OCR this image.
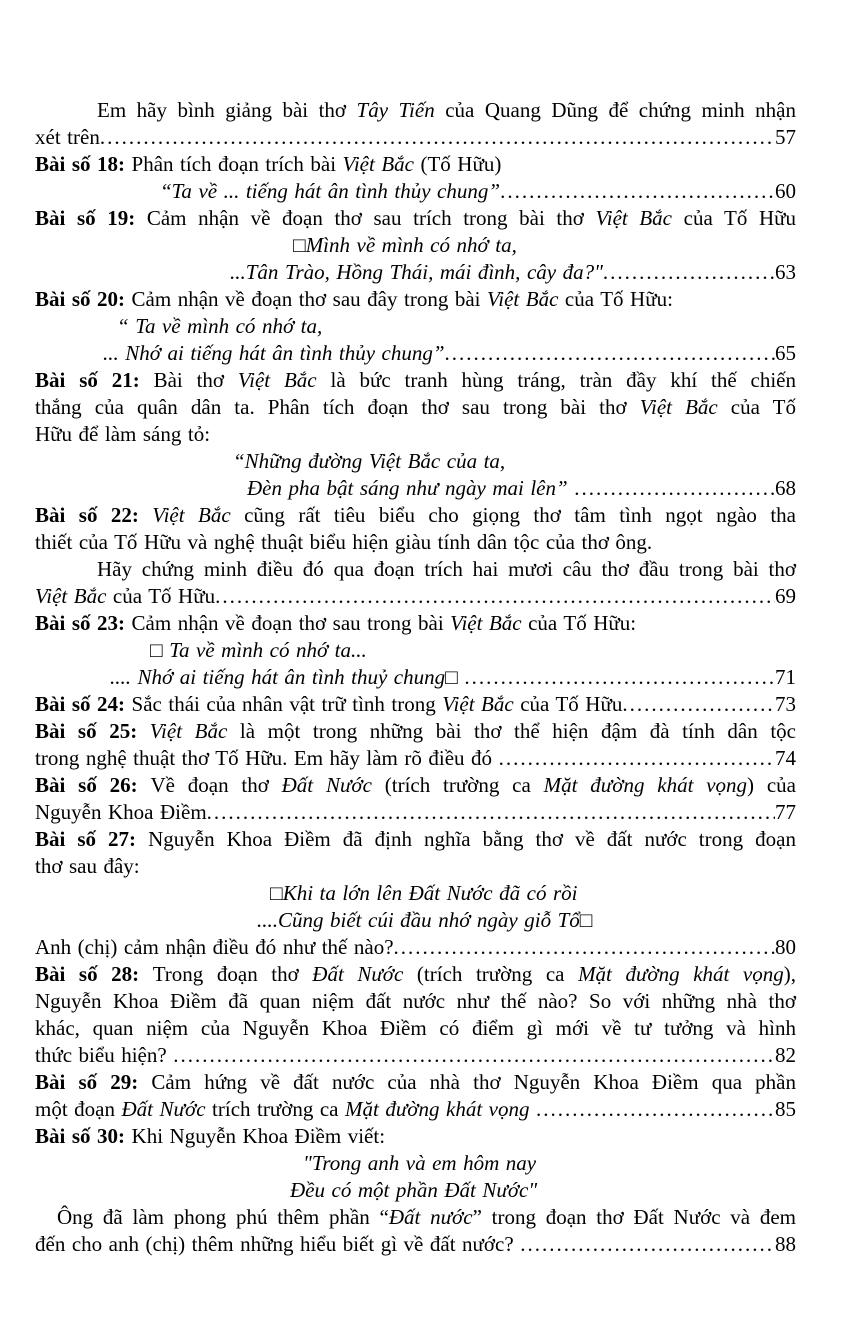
Em hãy bình giảng bài thơ Tây Tiến của Quang Dũng để chứng minh nhận
xét trên .....	57
Bài số 18: Phân tích đoạn trích bài Việt Bắc (Tố Hữu)
“Ta về ... tiếng hát ân tình thủy chung” .....	60
Bài số 19: Cảm nhận về đoạn thơ sau trích trong bài thơ Việt Bắc của Tố Hữu
□Mình về mình có nhớ ta,
...Tân Trào, Hồng Thái, mái đình, cây đa?" .....	63
Bài số 20: Cảm nhận về đoạn thơ sau đây trong bài Việt Bắc của Tố Hữu:
“ Ta về mình có nhớ ta,
... Nhớ ai tiếng hát ân tình thủy chung” .....	65
Bài số 21: Bài thơ Việt Bắc là bức tranh hùng tráng, tràn đầy khí thế chiến
thắng của quân dân ta. Phân tích đoạn thơ sau trong bài thơ Việt Bắc của Tố
Hữu để làm sáng tỏ:
“Những đường Việt Bắc của ta,
Đèn pha bật sáng như ngày mai lên” .....	68
Bài số 22: Việt Bắc cũng rất tiêu biểu cho giọng thơ tâm tình ngọt ngào tha
thiết của Tố Hữu và nghệ thuật biểu hiện giàu tính dân tộc của thơ ông.
Hãy chứng minh điều đó qua đoạn trích hai mươi câu thơ đầu trong bài thơ
Việt Bắc của Tố Hữu .....	69
Bài số 23: Cảm nhận về đoạn thơ sau trong bài Việt Bắc của Tố Hữu:
□ Ta về mình có nhớ ta...
.... Nhớ ai tiếng hát ân tình thuỷ chung□ .....	71
Bài số 24: Sắc thái của nhân vật trữ tình trong Việt Bắc của Tố Hữu .....	73
Bài số 25: Việt Bắc là một trong những bài thơ thể hiện đậm đà tính dân tộc
trong nghệ thuật thơ Tố Hữu. Em hãy làm rõ điều đó .....	74
Bài số 26: Về đoạn thơ Đất Nước (trích trường ca Mặt đường khát vọng) của
Nguyễn Khoa Điềm .....	77
Bài số 27: Nguyễn Khoa Điềm đã định nghĩa bằng thơ về đất nước trong đoạn
thơ sau đây:
□Khi ta lớn lên Đất Nước đã có rồi
....Cũng biết cúi đầu nhớ ngày giỗ Tổ□
Anh (chị) cảm nhận điều đó như thế nào? .....	80
Bài số 28: Trong đoạn thơ Đất Nước (trích trường ca Mặt đường khát vọng),
Nguyễn Khoa Điềm đã quan niệm đất nước như thế nào? So với những nhà thơ
khác, quan niệm của Nguyễn Khoa Điềm có điểm gì mới về tư tưởng và hình
thức biểu hiện? .....	82
Bài số 29: Cảm hứng về đất nước của nhà thơ Nguyễn Khoa Điềm qua phần
một đoạn Đất Nước trích trường ca Mặt đường khát vọng .....	85
Bài số 30: Khi Nguyễn Khoa Điềm viết:
"Trong anh và em hôm nay
Đều có một phần Đất Nước"
Ông đã làm phong phú thêm phần “Đất nước” trong đoạn thơ Đất Nước và đem
đến cho anh (chị) thêm những hiểu biết gì về đất nước? .....	88
